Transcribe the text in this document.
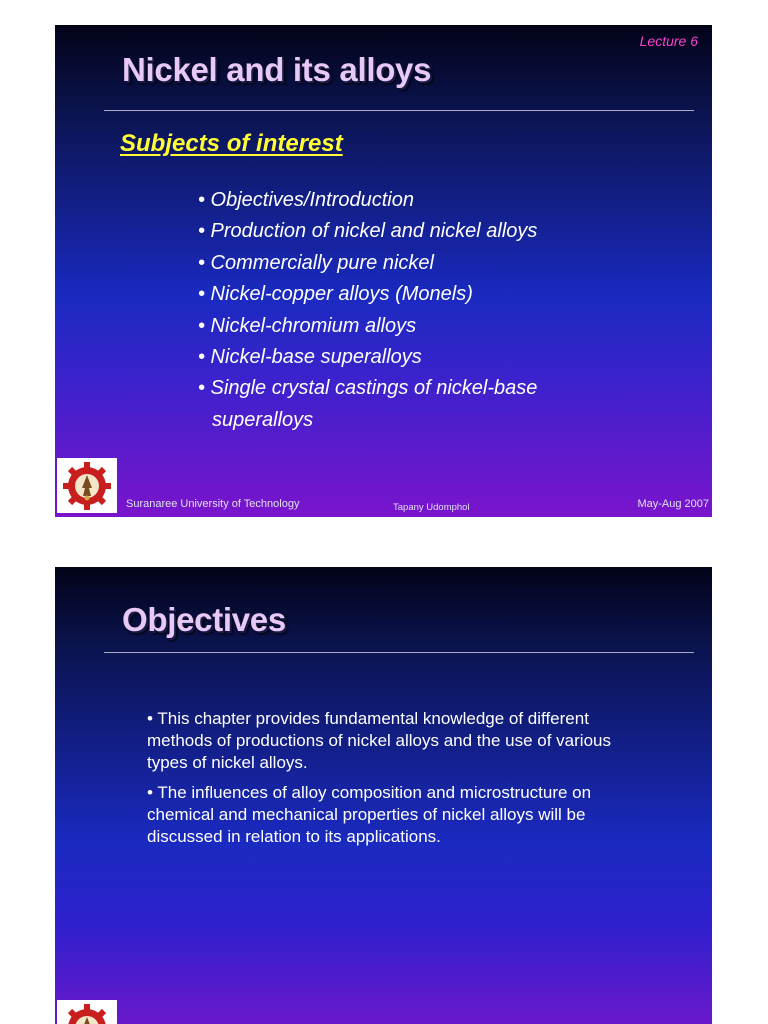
Lecture 6
Nickel and its alloys
Subjects of interest
• Objectives/Introduction
• Production of nickel and nickel alloys
• Commercially pure nickel
• Nickel-copper alloys (Monels)
• Nickel-chromium alloys
• Nickel-base superalloys
• Single crystal castings of nickel-base
superalloys
Suranaree University of Technology	Tapany Udomphol	May-Aug 2007
Objectives
• This chapter provides fundamental knowledge of different methods of productions of nickel alloys and the use of various types of nickel alloys.
• The influences of alloy composition and microstructure on chemical and mechanical properties of nickel alloys will be discussed in relation to its applications.
